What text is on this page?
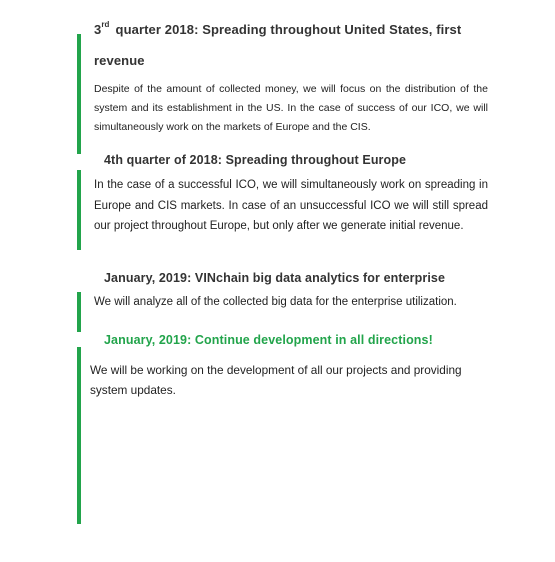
3rd quarter 2018: Spreading throughout United States, first
revenue
Despite of the amount of collected money, we will focus on the distribution of the system and its establishment in the US. In the case of success of our ICO, we will simultaneously work on the markets of Europe and the CIS.
4th quarter of 2018: Spreading throughout Europe
In the case of a successful ICO, we will simultaneously work on spreading in Europe and CIS markets. In case of an unsuccessful ICO we will still spread our project throughout Europe, but only after we generate initial revenue.
January, 2019: VINchain big data analytics for enterprise
We will analyze all of the collected big data for the enterprise utilization.
January, 2019: Continue development in all directions!
We will be working on the development of all our projects and providing system updates.
